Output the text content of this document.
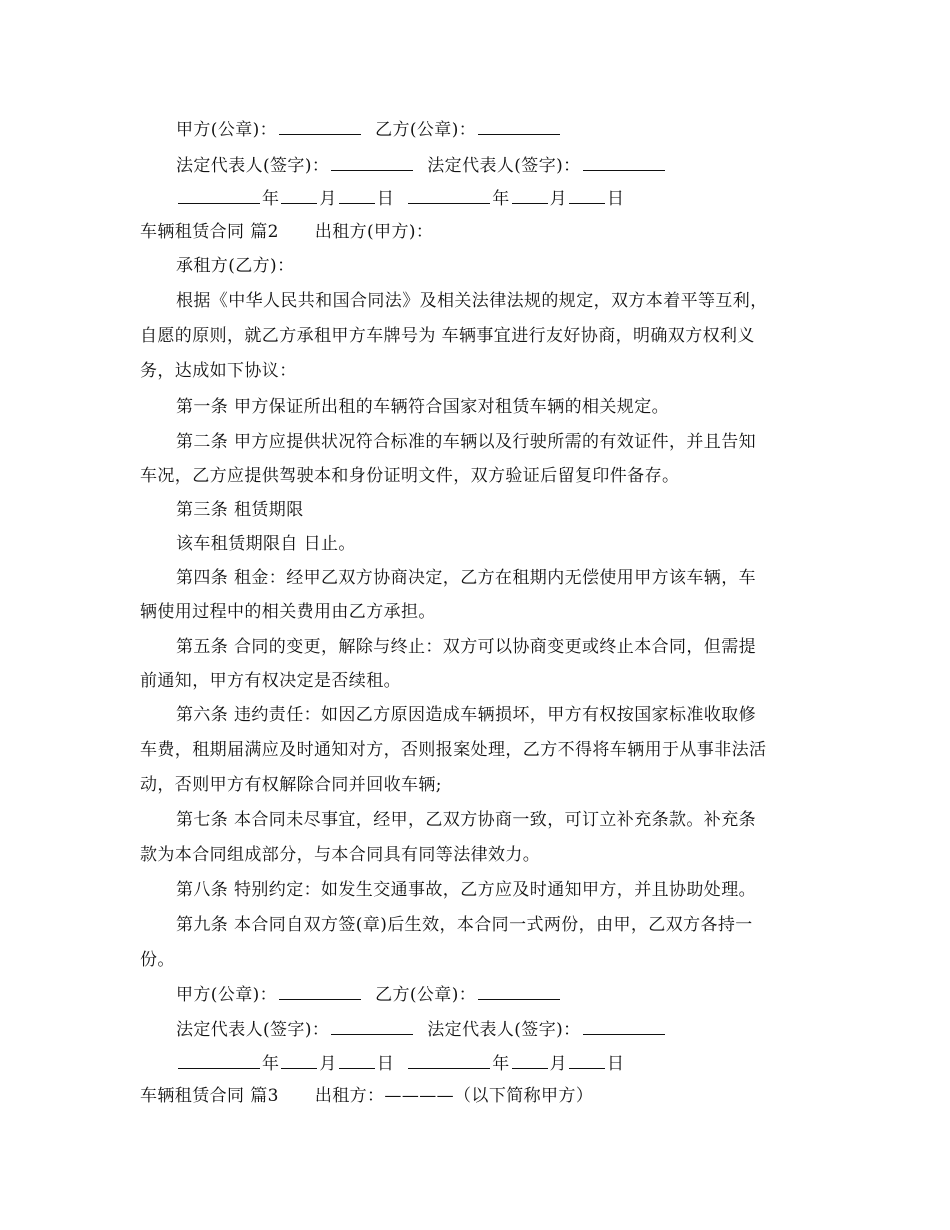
甲方(公章)：	乙方(公章)：
法定代表人(签字)：	法定代表人(签字)：
年 月 日	年 月 日
车辆租赁合同 篇2 出租方(甲方)：
承租方(乙方)：
根据《中华人民共和国合同法》及相关法律法规的规定，双方本着平等互利，
自愿的原则，就乙方承租甲方车牌号为 车辆事宜进行友好协商，明确双方权利义
务，达成如下协议：
第一条 甲方保证所出租的车辆符合国家对租赁车辆的相关规定。
第二条 甲方应提供状况符合标准的车辆以及行驶所需的有效证件，并且告知
车况，乙方应提供驾驶本和身份证明文件，双方验证后留复印件备存。
第三条 租赁期限
该车租赁期限自 日止。
第四条 租金：经甲乙双方协商决定，乙方在租期内无偿使用甲方该车辆，车
辆使用过程中的相关费用由乙方承担。
第五条 合同的变更，解除与终止：双方可以协商变更或终止本合同，但需提
前通知，甲方有权决定是否续租。
第六条 违约责任：如因乙方原因造成车辆损坏，甲方有权按国家标准收取修
车费，租期届满应及时通知对方，否则报案处理，乙方不得将车辆用于从事非法活
动，否则甲方有权解除合同并回收车辆;
第七条 本合同未尽事宜，经甲，乙双方协商一致，可订立补充条款。补充条
款为本合同组成部分，与本合同具有同等法律效力。
第八条 特别约定：如发生交通事故，乙方应及时通知甲方，并且协助处理。
第九条 本合同自双方签(章)后生效，本合同一式两份，由甲，乙双方各持一
份。
甲方(公章)：	乙方(公章)：
法定代表人(签字)：	法定代表人(签字)：
年 月 日	年 月 日
车辆租赁合同 篇3 出租方：————（以下简称甲方）
